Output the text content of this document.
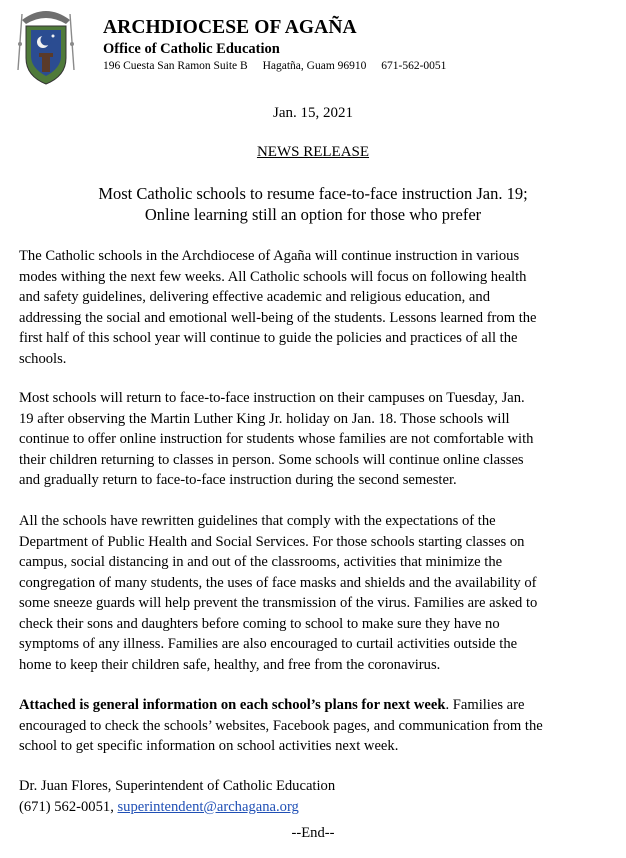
ARCHDIOCESE OF AGAÑA
Office of Catholic Education
196 Cuesta San Ramon Suite B Hagatña, Guam 96910 671-562-0051
Jan. 15, 2021
NEWS RELEASE
Most Catholic schools to resume face-to-face instruction Jan. 19;
Online learning still an option for those who prefer
The Catholic schools in the Archdiocese of Agaña will continue instruction in various
modes withing the next few weeks. All Catholic schools will focus on following health
and safety guidelines, delivering effective academic and religious education, and
addressing the social and emotional well-being of the students. Lessons learned from the
first half of this school year will continue to guide the policies and practices of all the
schools.
Most schools will return to face-to-face instruction on their campuses on Tuesday, Jan.
19 after observing the Martin Luther King Jr. holiday on Jan. 18. Those schools will
continue to offer online instruction for students whose families are not comfortable with
their children returning to classes in person. Some schools will continue online classes
and gradually return to face-to-face instruction during the second semester.
All the schools have rewritten guidelines that comply with the expectations of the
Department of Public Health and Social Services. For those schools starting classes on
campus, social distancing in and out of the classrooms, activities that minimize the
congregation of many students, the uses of face masks and shields and the availability of
some sneeze guards will help prevent the transmission of the virus. Families are asked to
check their sons and daughters before coming to school to make sure they have no
symptoms of any illness. Families are also encouraged to curtail activities outside the
home to keep their children safe, healthy, and free from the coronavirus.
Attached is general information on each school’s plans for next week. Families are
encouraged to check the schools’ websites, Facebook pages, and communication from the
school to get specific information on school activities next week.
Dr. Juan Flores, Superintendent of Catholic Education
(671) 562-0051, superintendent@archagana.org
--End--
